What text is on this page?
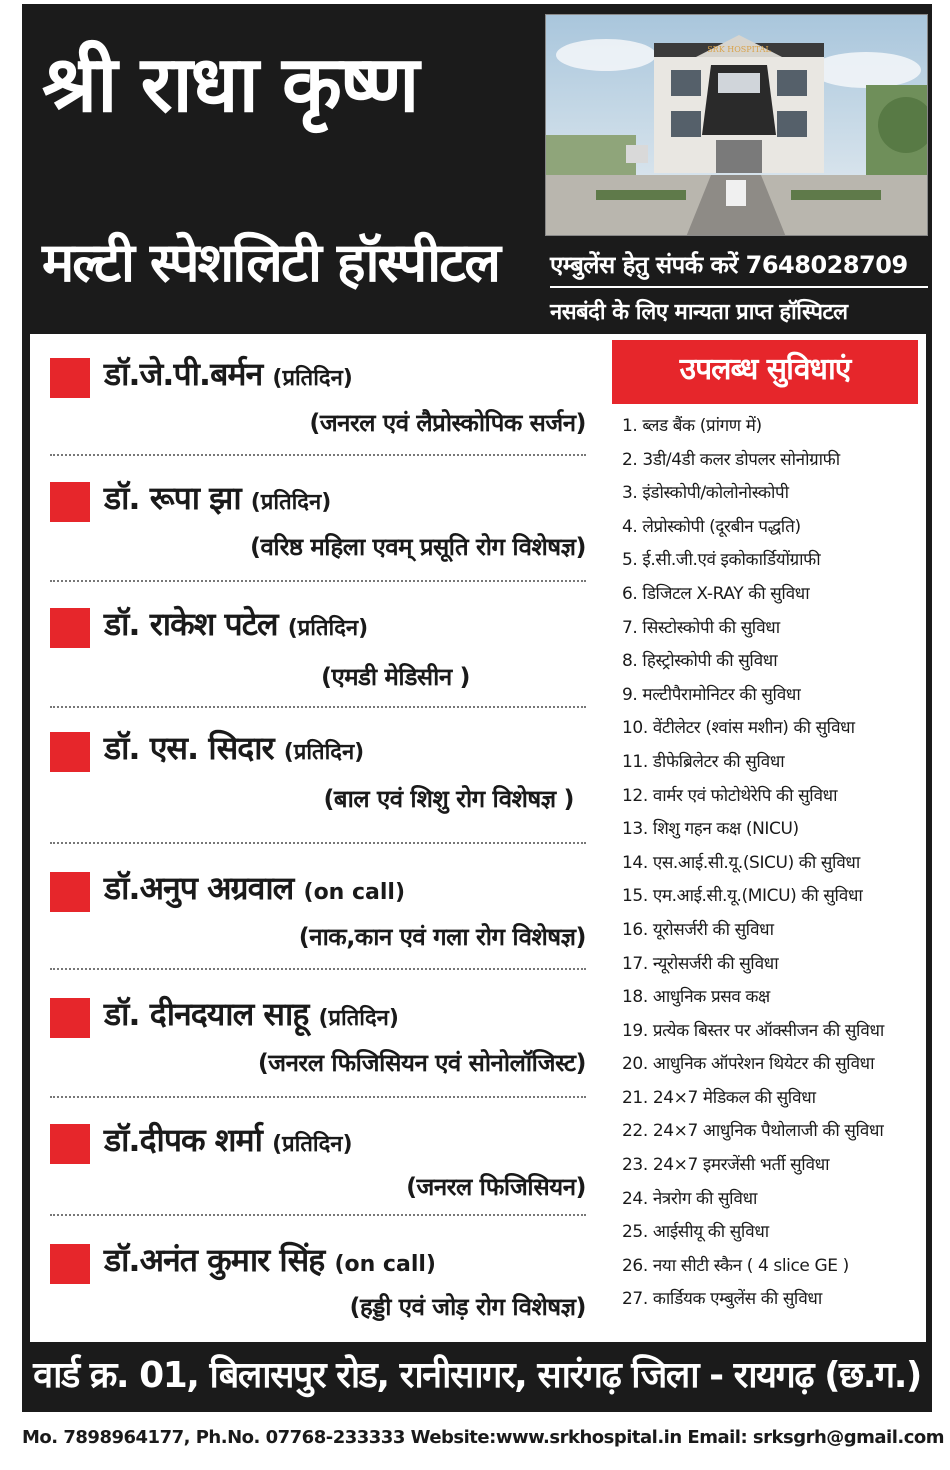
श्री राधा कृष्ण
मल्टी स्पेशलिटी हॉस्पीटल
SRK HOSPITAL
एम्बुलेंस हेतु संपर्क करें 7648028709
नसबंदी के लिए मान्यता प्राप्त हॉस्पिटल
डॉ.जे.पी.बर्मन (प्रतिदिन)
(जनरल एवं लैप्रोस्कोपिक सर्जन)
डॉ. रूपा झा (प्रतिदिन)
(वरिष्ठ महिला एवम् प्रसूति रोग विशेषज्ञ)
डॉ. राकेश पटेल (प्रतिदिन)
(एमडी मेडिसीन )
डॉ. एस. सिदार (प्रतिदिन)
(बाल एवं शिशु रोग विशेषज्ञ )
डॉ.अनुप अग्रवाल (on call)
(नाक,कान एवं गला रोग विशेषज्ञ)
डॉ. दीनदयाल साहू (प्रतिदिन)
(जनरल फिजिसियन एवं सोनोलॉजिस्ट)
डॉ.दीपक शर्मा (प्रतिदिन)
(जनरल फिजिसियन)
डॉ.अनंत कुमार सिंह (on call)
(हड्डी एवं जोड़ रोग विशेषज्ञ)
उपलब्ध सुविधाएं
1. ब्लड बैंक (प्रांगण में)
2. 3डी/4डी कलर डोपलर सोनोग्राफी
3. इंडोस्कोपी/कोलोनोस्कोपी
4. लेप्रोस्कोपी (दूरबीन पद्धति)
5. ई.सी.जी.एवं इकोकार्डियोंग्राफी
6. डिजिटल X-RAY की सुविधा
7. सिस्टोस्कोपी की सुविधा
8. हिस्ट्रोस्कोपी की सुविधा
9. मल्टीपैरामोनिटर की सुविधा
10. वेंटीलेटर (श्वांस मशीन) की सुविधा
11. डीफेब्रिलेटर की सुविधा
12. वार्मर एवं फोटोथेरेपि की सुविधा
13. शिशु गहन कक्ष (NICU)
14. एस.आई.सी.यू.(SICU) की सुविधा
15. एम.आई.सी.यू.(MICU) की सुविधा
16. यूरोसर्जरी की सुविधा
17. न्यूरोसर्जरी की सुविधा
18. आधुनिक प्रसव कक्ष
19. प्रत्येक बिस्तर पर ऑक्सीजन की सुविधा
20. आधुनिक ऑपरेशन थियेटर की सुविधा
21. 24×7 मेडिकल की सुविधा
22. 24×7 आधुनिक पैथोलाजी की सुविधा
23. 24×7 इमरजेंसी भर्ती सुविधा
24. नेत्ररोग की सुविधा
25. आईसीयू की सुविधा
26. नया सीटी स्कैन ( 4 slice GE )
27. कार्डियक एम्बुलेंस की सुविधा
वार्ड क्र. 01, बिलासपुर रोड, रानीसागर, सारंगढ़ जिला - रायगढ़ (छ.ग.)
Mo. 7898964177, Ph.No. 07768-233333 Website:www.srkhospital.in Email: srksgrh@gmail.com
